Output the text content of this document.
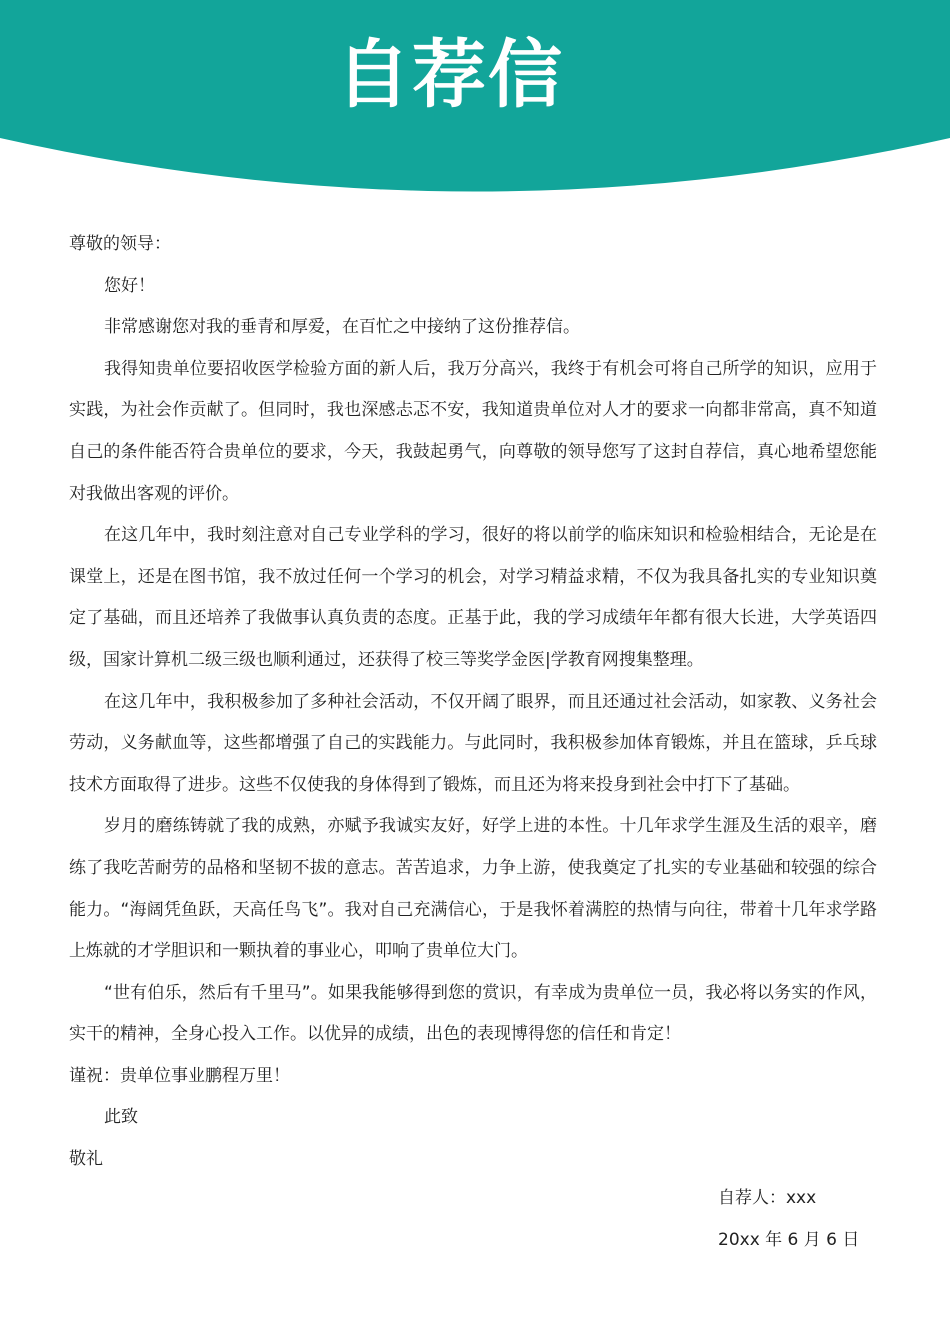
自荐信

尊敬的领导：

您好！

非常感谢您对我的垂青和厚爱，在百忙之中接纳了这份推荐信。

我得知贵单位要招收医学检验方面的新人后，我万分高兴，我终于有机会可将自己所学的知识，应用于实践，为社会作贡献了。但同时，我也深感忐忑不安，我知道贵单位对人才的要求一向都非常高，真不知道自己的条件能否符合贵单位的要求，今天，我鼓起勇气，向尊敬的领导您写了这封自荐信，真心地希望您能对我做出客观的评价。

在这几年中，我时刻注意对自己专业学科的学习，很好的将以前学的临床知识和检验相结合，无论是在课堂上，还是在图书馆，我不放过任何一个学习的机会，对学习精益求精，不仅为我具备扎实的专业知识奠定了基础，而且还培养了我做事认真负责的态度。正基于此，我的学习成绩年年都有很大长进，大学英语四级，国家计算机二级三级也顺利通过，还获得了校三等奖学金医|学教育网搜集整理。

在这几年中，我积极参加了多种社会活动，不仅开阔了眼界，而且还通过社会活动，如家教、义务社会劳动，义务献血等，这些都增强了自己的实践能力。与此同时，我积极参加体育锻炼，并且在篮球，乒乓球技术方面取得了进步。这些不仅使我的身体得到了锻炼，而且还为将来投身到社会中打下了基础。

岁月的磨练铸就了我的成熟，亦赋予我诚实友好，好学上进的本性。十几年求学生涯及生活的艰辛，磨练了我吃苦耐劳的品格和坚韧不拔的意志。苦苦追求，力争上游，使我奠定了扎实的专业基础和较强的综合能力。“海阔凭鱼跃，天高任鸟飞”。我对自己充满信心，于是我怀着满腔的热情与向往，带着十几年求学路上炼就的才学胆识和一颗执着的事业心，叩响了贵单位大门。

“世有伯乐，然后有千里马”。如果我能够得到您的赏识，有幸成为贵单位一员，我必将以务实的作风，实干的精神，全身心投入工作。以优异的成绩，出色的表现博得您的信任和肯定！

谨祝：贵单位事业鹏程万里！

此致

敬礼

自荐人：xxx

20xx 年 6 月 6 日
